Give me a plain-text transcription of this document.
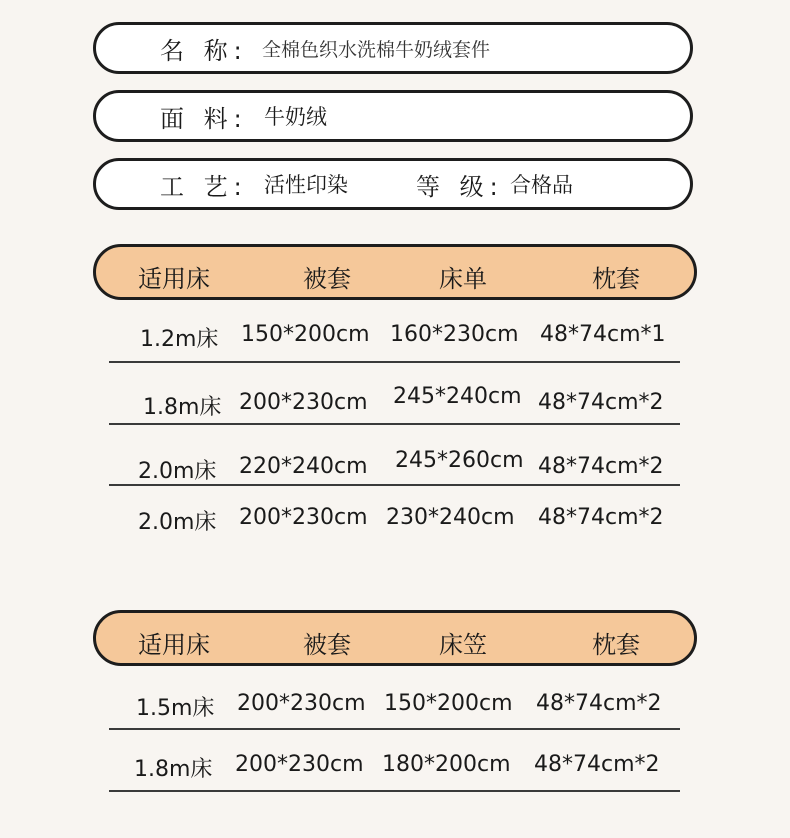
名 称: 全棉色织水洗棉牛奶绒套件
面 料: 牛奶绒
工 艺: 活性印染	等 级: 合格品
适用床	被套	床单	枕套
1.2m床 150*200cm 160*230cm 48*74cm*1
1.8m床 200*230cm 245*240cm 48*74cm*2
2.0m床 220*240cm 245*260cm 48*74cm*2
2.0m床 200*230cm 230*240cm 48*74cm*2
适用床	被套	床笠	枕套
1.5m床 200*230cm 150*200cm 48*74cm*2
1.8m床 200*230cm 180*200cm 48*74cm*2
